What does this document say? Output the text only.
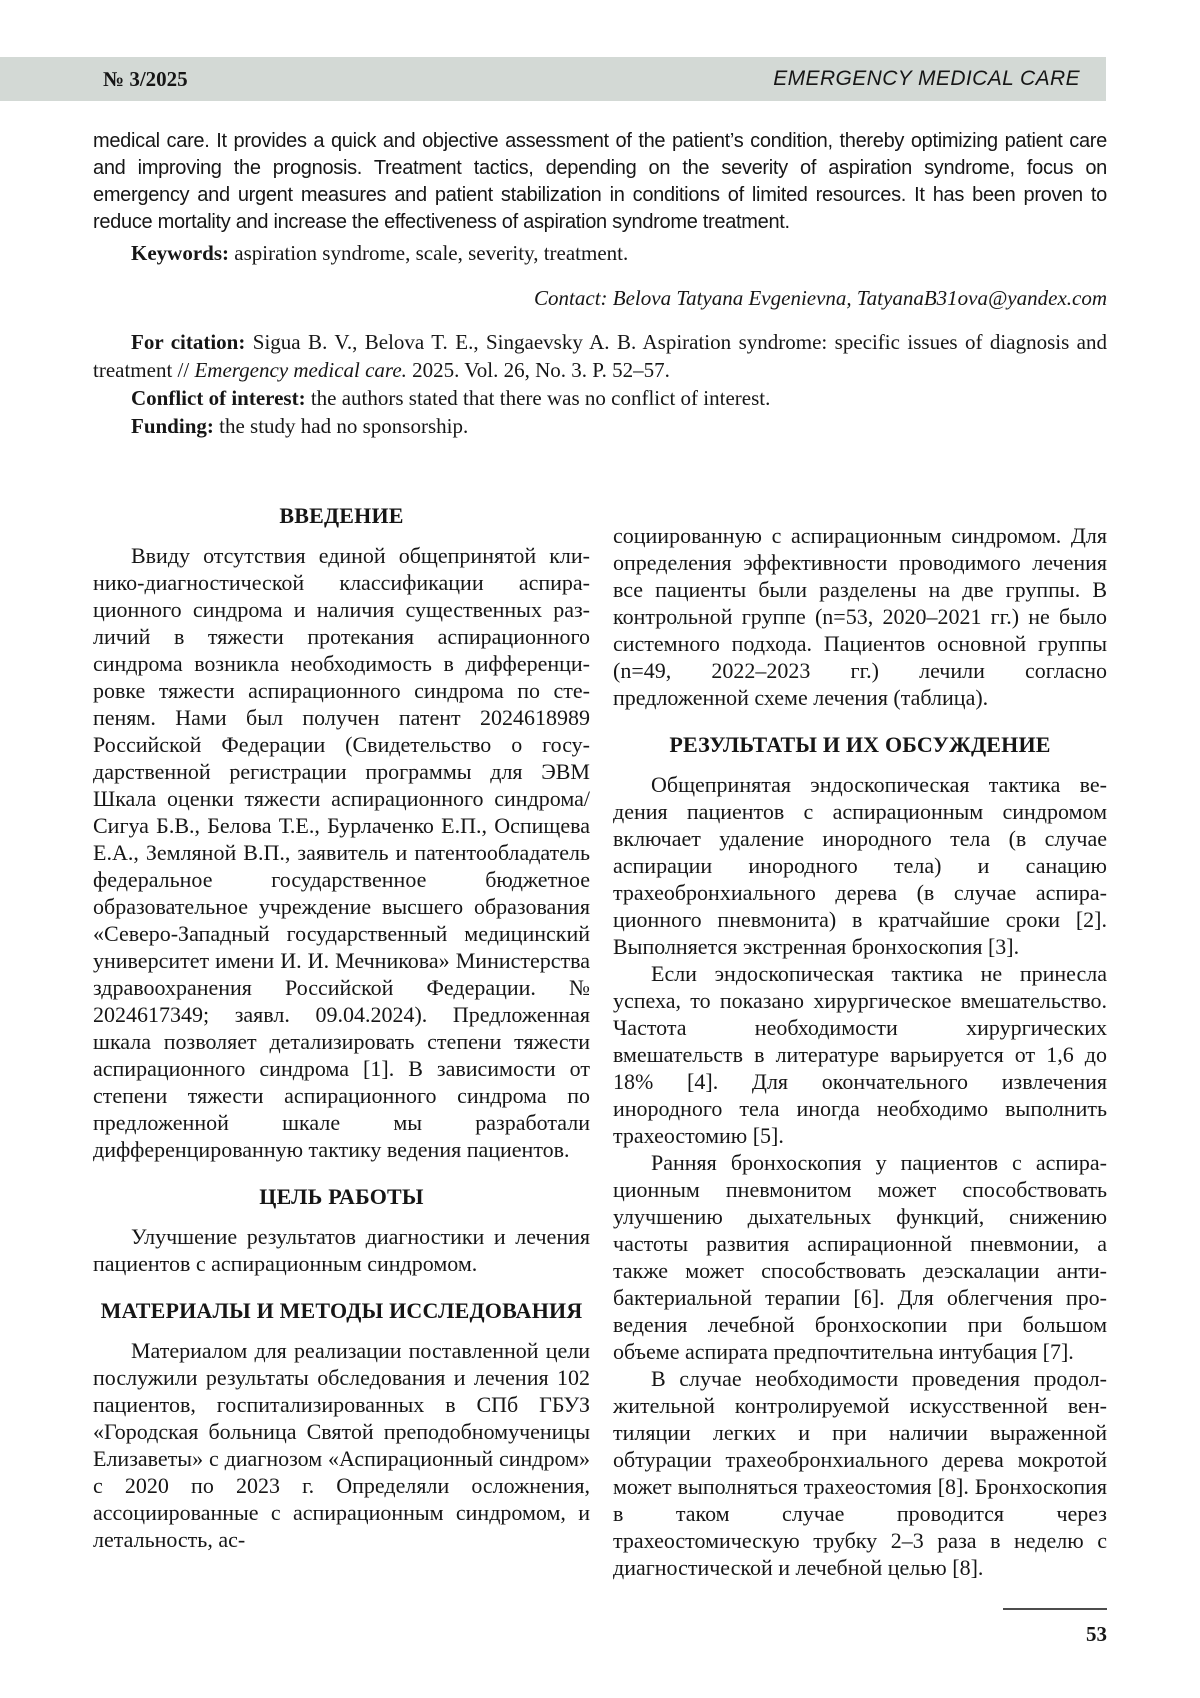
№ 3/2025	EMERGENCY MEDICAL CARE

medical care. It provides a quick and objective assessment of the patient’s condition, thereby optimizing patient care and improving the prognosis. Treatment tactics, depending on the severity of aspiration syndrome, focus on emergency and urgent measures and patient stabilization in conditions of limited resources. It has been proven to reduce mortality and increase the effectiveness of aspiration syndrome treatment.

Keywords: aspiration syndrome, scale, severity, treatment.

Contact: Belova Tatyana Evgenievna, TatyanaB31ova@yandex.com

For citation: Sigua B. V., Belova T. E., Singaevsky A. B. Aspiration syndrome: specific issues of diagnosis and treatment // Emergency medical care. 2025. Vol. 26, No. 3. P. 52–57.

Conflict of interest: the authors stated that there was no conflict of interest.

Funding: the study had no sponsorship.

ВВЕДЕНИЕ

Ввиду отсутствия единой общепринятой клинико-диагностической классификации аспирационного синдрома и наличия существенных различий в тяжести протекания аспирационного синдрома возникла необходимость в дифференцировке тяжести аспирационного синдрома по степеням. Нами был получен патент 2024618989 Российской Федерации (Свидетельство о государственной регистрации программы для ЭВМ Шкала оценки тяжести аспирационного синдрома/Сигуа Б.В., Белова Т.Е., Бурлаченко Е.П., Оспищева Е.А., Земляной В.П., заявитель и патентообладатель федеральное государственное бюджетное образовательное учреждение высшего образования «Северо-Западный государственный медицинский университет имени И. И. Мечникова» Министерства здравоохранения Российской Федерации. № 2024617349; заявл. 09.04.2024). Предложенная шкала позволяет детализировать степени тяжести аспирационного синдрома [1]. В зависимости от степени тяжести аспирационного синдрома по предложенной шкале мы разработали дифференцированную тактику ведения пациентов.

ЦЕЛЬ РАБОТЫ

Улучшение результатов диагностики и лечения пациентов с аспирационным синдромом.

МАТЕРИАЛЫ И МЕТОДЫ ИССЛЕДОВАНИЯ

Материалом для реализации поставленной цели послужили результаты обследования и лечения 102 пациентов, госпитализированных в СПб ГБУЗ «Городская больница Святой преподобномученицы Елизаветы» с диагнозом «Аспирационный синдром» с 2020 по 2023 г. Определяли осложнения, ассоциированные с аспирационным синдромом, и летальность, ас-

социированную с аспирационным синдромом. Для определения эффективности проводимого лечения все пациенты были разделены на две группы. В контрольной группе (n=53, 2020–2021 гг.) не было системного подхода. Пациентов основной группы (n=49, 2022–2023 гг.) лечили согласно предложенной схеме лечения (таблица).

РЕЗУЛЬТАТЫ И ИХ ОБСУЖДЕНИЕ

Общепринятая эндоскопическая тактика ведения пациентов с аспирационным синдромом включает удаление инородного тела (в случае аспирации инородного тела) и санацию трахеобронхиального дерева (в случае аспирационного пневмонита) в кратчайшие сроки [2]. Выполняется экстренная бронхоскопия [3].

Если эндоскопическая тактика не принесла успеха, то показано хирургическое вмешательство. Частота необходимости хирургических вмешательств в литературе варьируется от 1,6 до 18% [4]. Для окончательного извлечения инородного тела иногда необходимо выполнить трахеостомию [5].

Ранняя бронхоскопия у пациентов с аспирационным пневмонитом может способствовать улучшению дыхательных функций, снижению частоты развития аспирационной пневмонии, а также может способствовать деэскалации антибактериальной терапии [6]. Для облегчения проведения лечебной бронхоскопии при большом объеме аспирата предпочтительна интубация [7].

В случае необходимости проведения продолжительной контролируемой искусственной вентиляции легких и при наличии выраженной обтурации трахеобронхиального дерева мокротой может выполняться трахеостомия [8]. Бронхоскопия в таком случае проводится через трахеостомическую трубку 2–3 раза в неделю с диагностической и лечебной целью [8].

53
